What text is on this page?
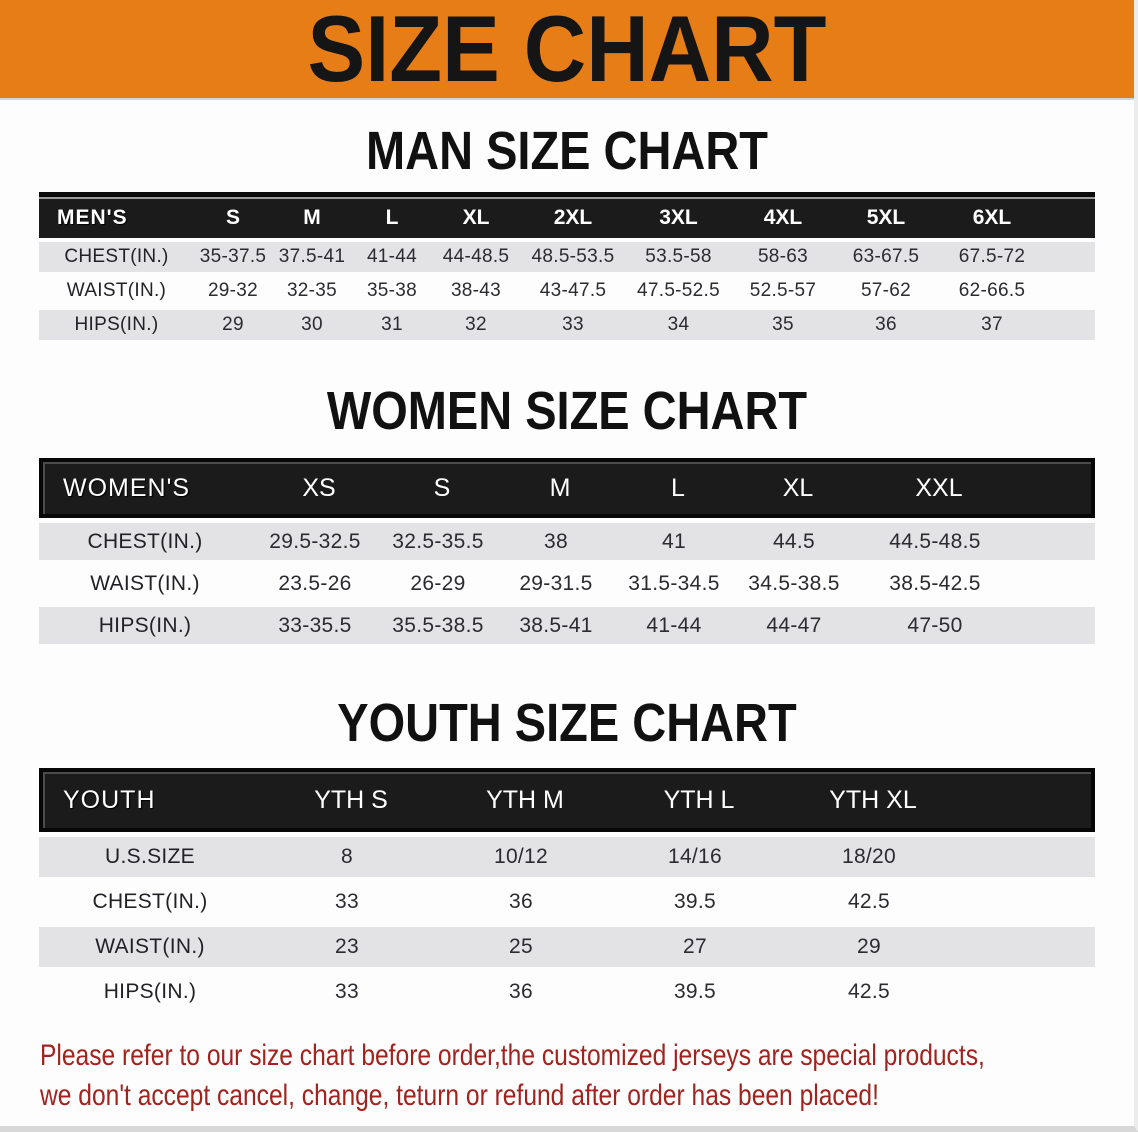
SIZE CHART
MAN SIZE CHART
MEN'S	S	M	L	XL	2XL	3XL	4XL	5XL	6XL
CHEST(IN.)	35-37.5 37.5-41	41-44	44-48.5	48.5-53.5	53.5-58	58-63	63-67.5	67.5-72
WAIST(IN.)	29-32	32-35	35-38	38-43	43-47.5	47.5-52.5	52.5-57	57-62	62-66.5
HIPS(IN.)	29	30	31	32	33	34	35	36	37
WOMEN SIZE CHART
WOMEN'S	XS	S	M	L	XL	XXL
CHEST(IN.)	29.5-32.5	32.5-35.5	38	41	44.5	44.5-48.5
WAIST(IN.)	23.5-26	26-29	29-31.5	31.5-34.5	34.5-38.5	38.5-42.5
HIPS(IN.)	33-35.5	35.5-38.5	38.5-41	41-44	44-47	47-50
YOUTH SIZE CHART
YOUTH	YTH S	YTH M	YTH L	YTH XL
U.S.SIZE	8	10/12	14/16	18/20
CHEST(IN.)	33	36	39.5	42.5
WAIST(IN.)	23	25	27	29
HIPS(IN.)	33	36	39.5	42.5

Please refer to our size chart before order,the customized jerseys are special products,

we don't accept cancel, change, teturn or refund after order has been placed!
